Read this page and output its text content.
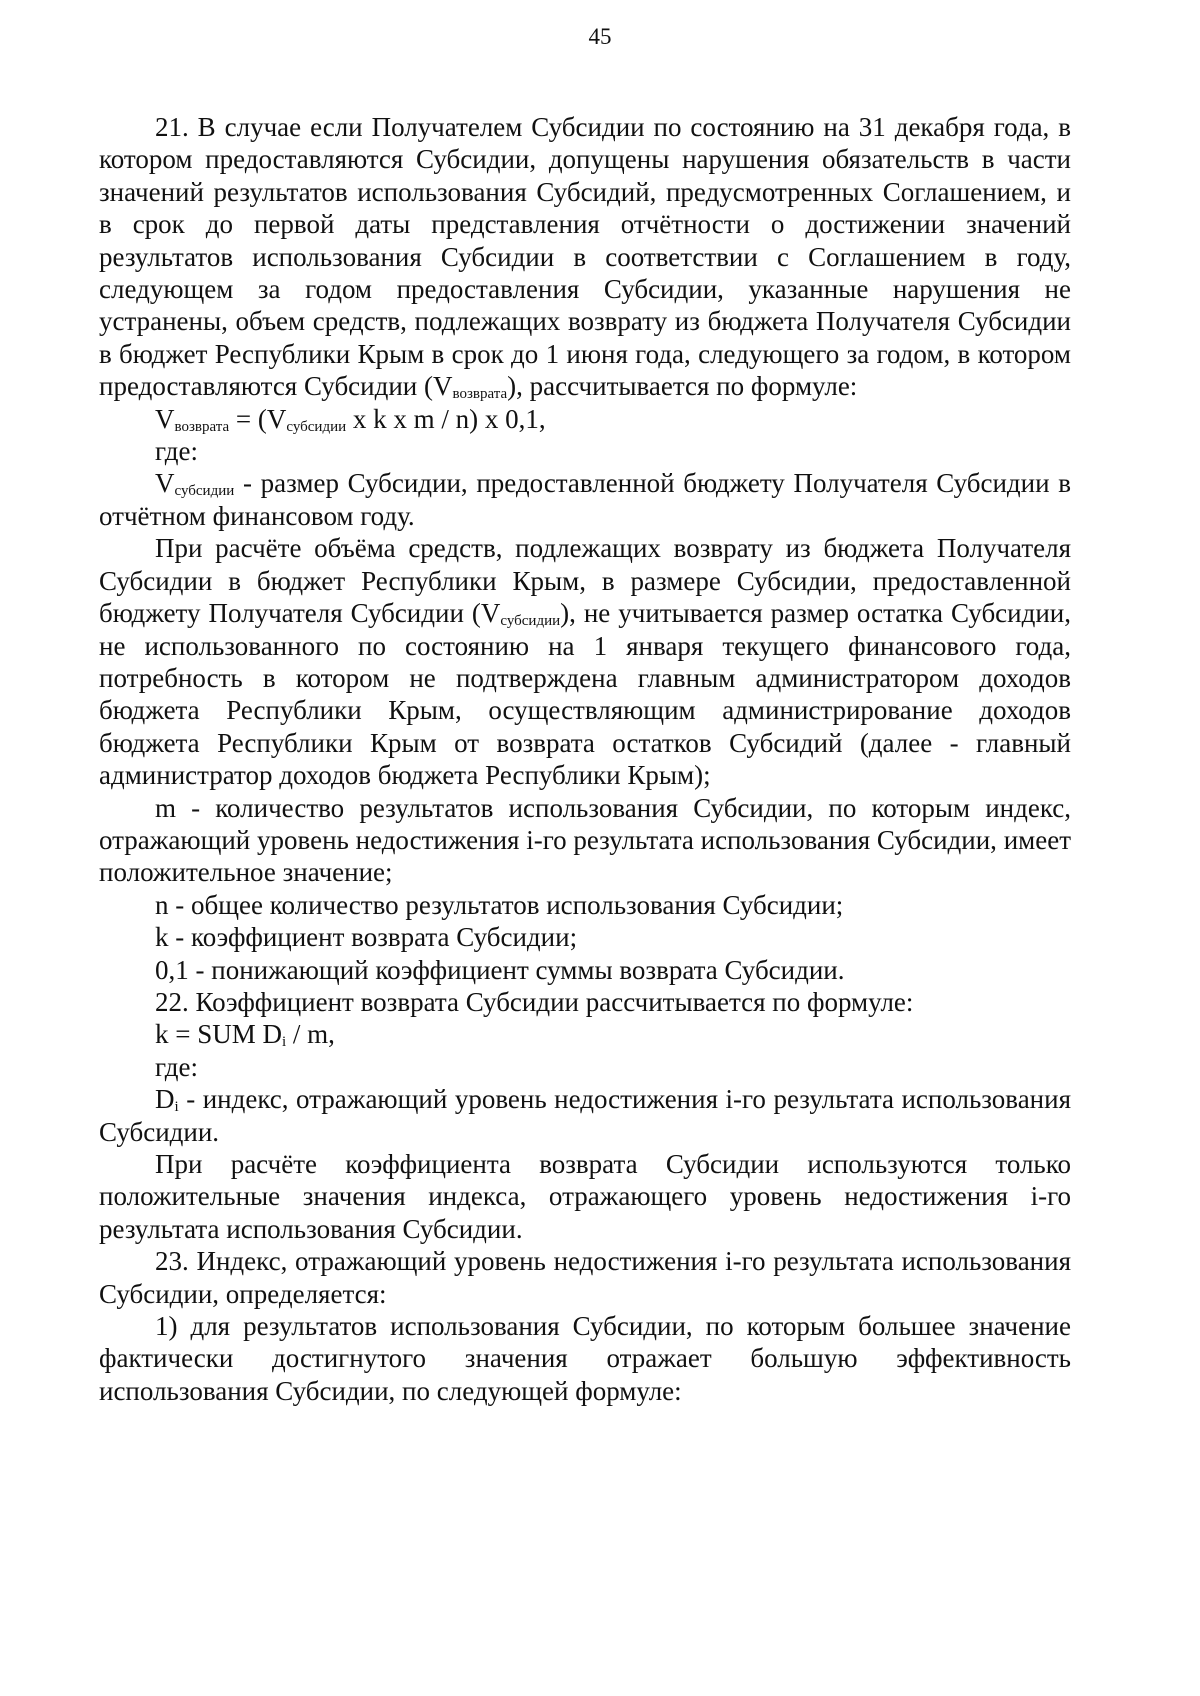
45

21. В случае если Получателем Субсидии по состоянию на 31 декабря года, в котором предоставляются Субсидии, допущены нарушения обязательств в части значений результатов использования Субсидий, предусмотренных Соглашением, и в срок до первой даты представления отчётности о достижении значений результатов использования Субсидии в соответствии с Соглашением в году, следующем за годом предоставления Субсидии, указанные нарушения не устранены, объем средств, подлежащих возврату из бюджета Получателя Субсидии в бюджет Республики Крым в срок до 1 июня года, следующего за годом, в котором предоставляются Субсидии $(V_{возврата})$, рассчитывается по формуле:

$V_{возврата} = (V_{субсидии}$ x k x m / n) x 0,1,

где:

$V_{субсидии}$ - размер Субсидии, предоставленной бюджету Получателя Субсидии в отчётном финансовом году.

При расчёте объёма средств, подлежащих возврату из бюджета Получателя Субсидии в бюджет Республики Крым, в размере Субсидии, предоставленной бюджету Получателя Субсидии $(V_{субсидии})$, не учитывается размер остатка Субсидии, не использованного по состоянию на 1 января текущего финансового года, потребность в котором не подтверждена главным администратором доходов бюджета Республики Крым, осуществляющим администрирование доходов бюджета Республики Крым от возврата остатков Субсидий (далее - главный администратор доходов бюджета Республики Крым);

m - количество результатов использования Субсидии, по которым индекс, отражающий уровень недостижения i-го результата использования Субсидии, имеет положительное значение;

n - общее количество результатов использования Субсидии;

k - коэффициент возврата Субсидии;

0,1 - понижающий коэффициент суммы возврата Субсидии.

22. Коэффициент возврата Субсидии рассчитывается по формуле:

k = SUM $D_i$ / m,

где:

$D_i$ - индекс, отражающий уровень недостижения i-го результата использования Субсидии.

При расчёте коэффициента возврата Субсидии используются только положительные значения индекса, отражающего уровень недостижения i-го результата использования Субсидии.

23. Индекс, отражающий уровень недостижения i-го результата использования Субсидии, определяется:

1) для результатов использования Субсидии, по которым большее значение фактически достигнутого значения отражает большую эффективность использования Субсидии, по следующей формуле:
